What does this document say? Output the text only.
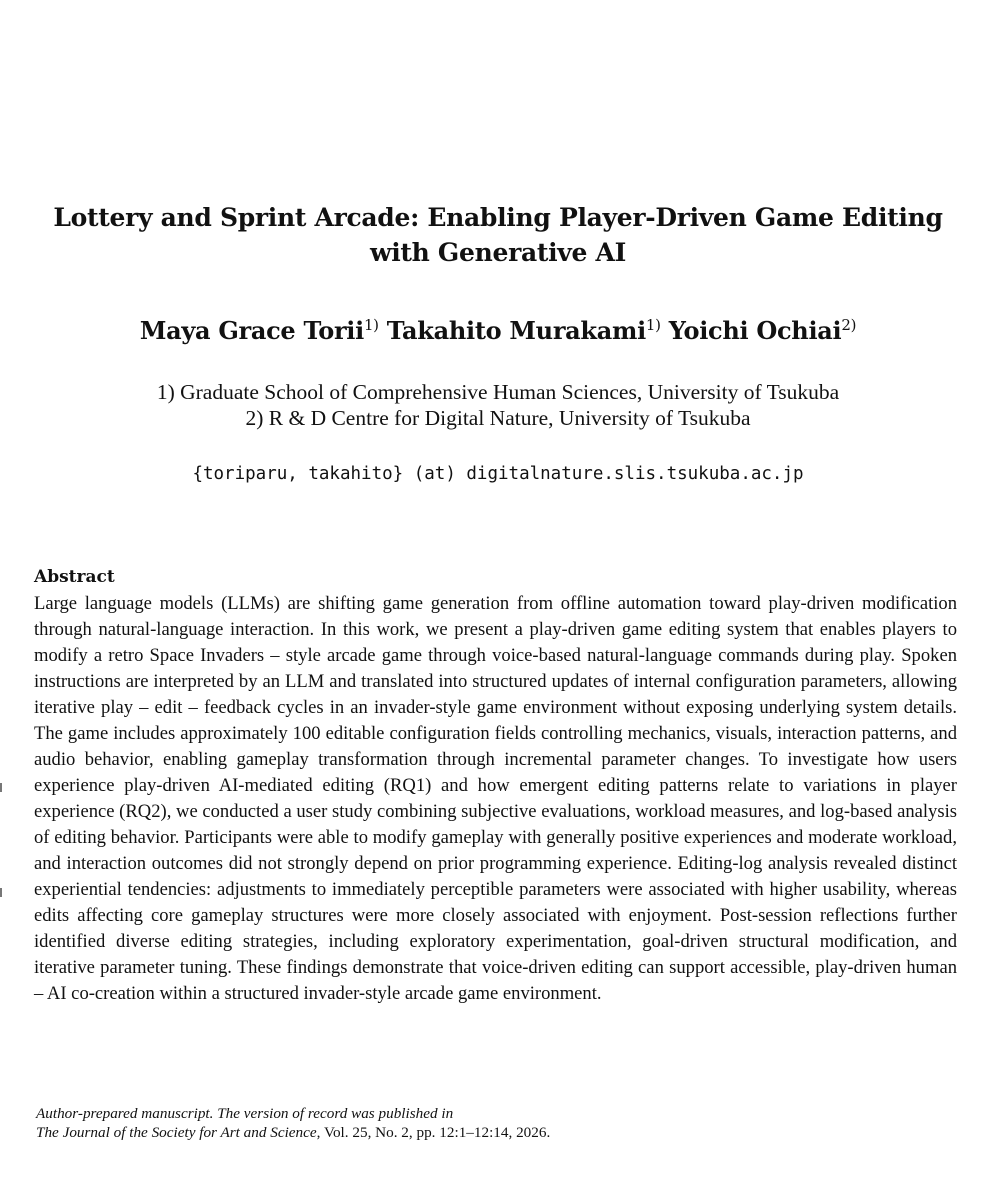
Lottery and Sprint Arcade: Enabling Player-Driven Game Editing with Generative AI
Maya Grace Torii$^{1)}$ Takahito Murakami$^{1)}$ Yoichi Ochiai$^{2)}$
1) Graduate School of Comprehensive Human Sciences, University of Tsukuba
2) R & D Centre for Digital Nature, University of Tsukuba
{toriparu, takahito} (at) digitalnature.slis.tsukuba.ac.jp
Abstract

Large language models (LLMs) are shifting game generation from offline automation toward play-driven modification through natural-language interaction. In this work, we present a play-driven game editing system that enables players to modify a retro Space Invaders – style arcade game through voice-based natural-language commands during play. Spoken instructions are interpreted by an LLM and translated into structured updates of internal configuration parameters, allowing iterative play – edit – feedback cycles in an invader-style game environment without exposing underlying system details. The game includes approximately 100 editable configuration fields controlling mechanics, visuals, interaction patterns, and audio behavior, enabling gameplay transformation through incremental parameter changes. To investigate how users experience play-driven AI-mediated editing (RQ1) and how emergent editing patterns relate to variations in player experience (RQ2), we conducted a user study combining subjective evaluations, workload measures, and log-based analysis of editing behavior. Participants were able to modify gameplay with generally positive experiences and moderate workload, and interaction outcomes did not strongly depend on prior programming experience. Editing-log analysis revealed distinct experiential tendencies: adjustments to immediately perceptible parameters were associated with higher usability, whereas edits affecting core gameplay structures were more closely associated with enjoyment. Post-session reflections further identified diverse editing strategies, including exploratory experimentation, goal-driven structural modification, and iterative parameter tuning. These findings demonstrate that voice-driven editing can support accessible, play-driven human – AI co-creation within a structured invader-style arcade game environment.

Author-prepared manuscript. The version of record was published in
The Journal of the Society for Art and Science, Vol. 25, No. 2, pp. 12:1–12:14, 2026.
